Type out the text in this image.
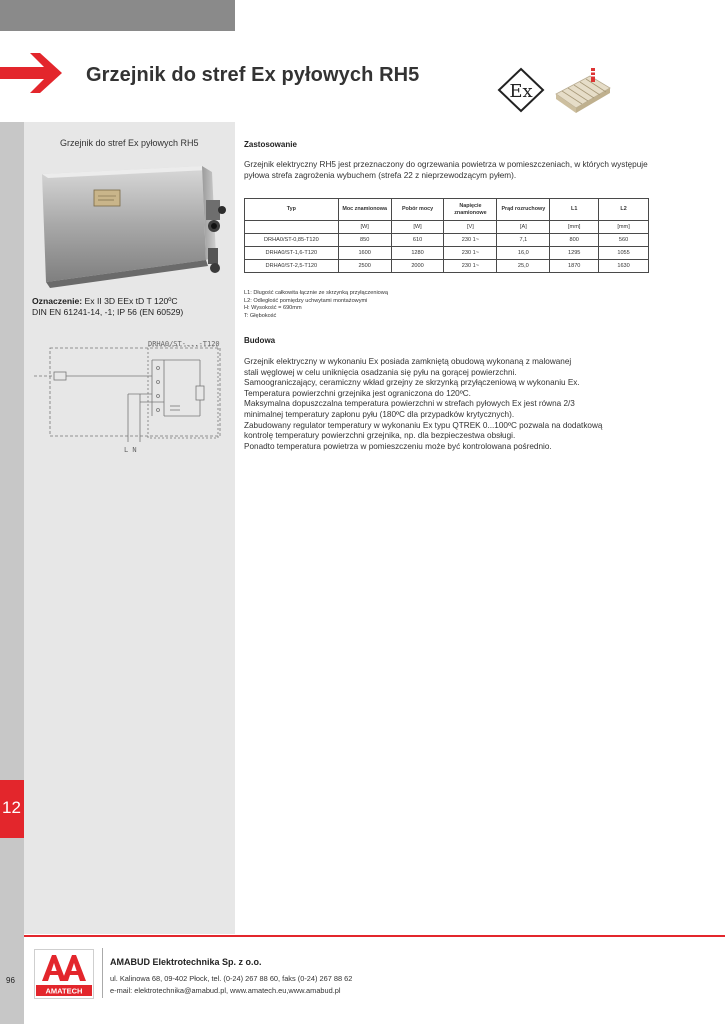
Grzejnik do stref Ex pyłowych RH5
Ex
12
Grzejnik do stref Ex pyłowych RH5
Oznaczenie: Ex II 3D EEx tD T 120ºC
DIN EN 61241-14, -1; IP 56 (EN 60529)
DRHA0/ST-...-T120
L N
Zastosowanie
Grzejnik elektryczny RH5 jest przeznaczony do ogrzewania powietrza w pomieszczeniach, w których występuje pyłowa strefa zagrożenia wybuchem (strefa 22 z nieprzewodzącym pyłem).
Typ	Moc znamionowa	Pobór mocy	Napięcie znamionowe	Prąd rozruchowy	L1	L2
	[W]	[W]	[V]	[A]	[mm]	[mm]
DRHA0/ST-0,85-T120	850	610	230 1~	7,1	800	560
DRHA0/ST-1,6-T120	1600	1280	230 1~	16,0	1295	1055
DRHA0/ST-2,5-T120	2500	2000	230 1~	25,0	1870	1630
L1: Długość całkowita łącznie ze skrzynką przyłączeniową
L2: Odległość pomiędzy uchwytami montażowymi
H: Wysokość = 690mm
T: Głębokość
Budowa

Grzejnik elektryczny w wykonaniu Ex posiada zamkniętą obudową wykonaną z malowanej

stali węglowej w celu uniknięcia osadzania się pyłu na gorącej powierzchni.

Samoograniczający, ceramiczny wkład grzejny ze skrzynką przyłączeniową w wykonaniu Ex.

Temperatura powierzchni grzejnika jest ograniczona do 120ºC.

Maksymalna dopuszczalna temperatura powierzchni w strefach pyłowych Ex jest równa 2/3

minimalnej temperatury zapłonu pyłu (180ºC dla przypadków krytycznych).

Zabudowany regulator temperatury w wykonaniu Ex typu QTREK 0...100ºC pozwala na dodatkową

kontrolę temperatury powierzchni grzejnika, np. dla bezpieczestwa obsługi.

Ponadto temperatura powietrza w pomieszczeniu może być kontrolowana pośrednio.

96
AMATECH
AMABUD Elektrotechnika Sp. z o.o.
ul. Kalinowa 68, 09-402 Płock, tel. (0-24) 267 88 60, faks (0-24) 267 88 62
e-mail: elektrotechnika@amabud.pl, www.amatech.eu,www.amabud.pl
